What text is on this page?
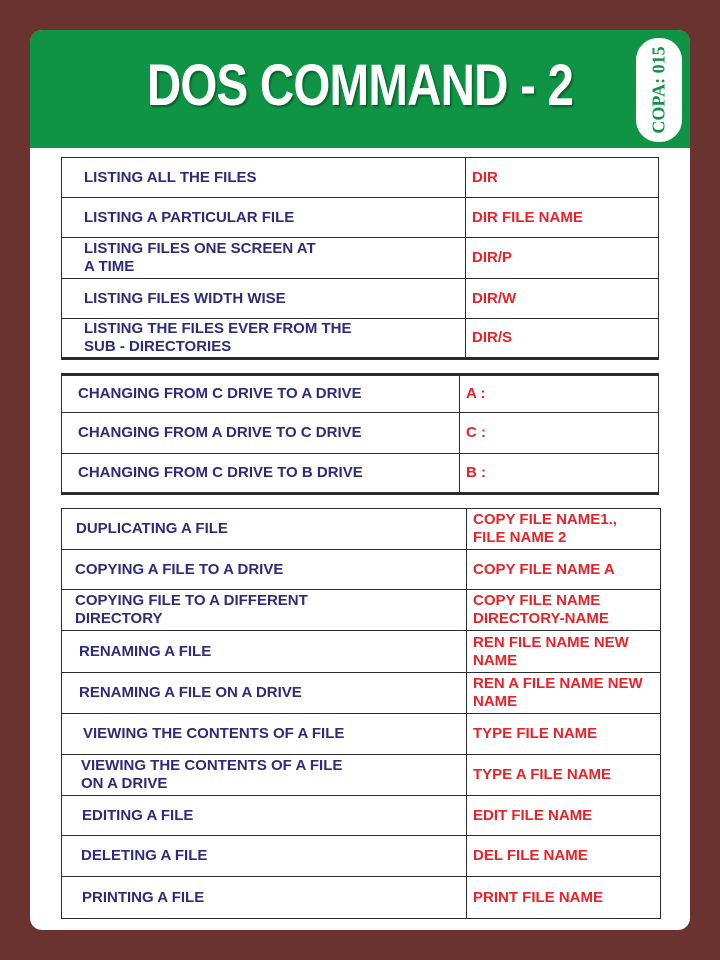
DOS COMMAND - 2	COPA: 015
LISTING ALL THE FILES	DIR
LISTING A PARTICULAR FILE	DIR FILE NAME
LISTING FILES ONE SCREEN AT
A TIME	DIR/P
LISTING FILES WIDTH WISE	DIR/W
LISTING THE FILES EVER FROM THE
SUB - DIRECTORIES	DIR/S
CHANGING FROM C DRIVE TO A DRIVE	A :
CHANGING FROM A DRIVE TO C DRIVE	C :
CHANGING FROM C DRIVE TO B DRIVE	B :
DUPLICATING A FILE	COPY FILE NAME1.,
FILE NAME 2
COPYING A FILE TO A DRIVE	COPY FILE NAME A
COPYING FILE TO A DIFFERENT
DIRECTORY	COPY FILE NAME
DIRECTORY-NAME
RENAMING A FILE	REN FILE NAME NEW
NAME
RENAMING A FILE ON A DRIVE	REN A FILE NAME NEW
NAME
VIEWING THE CONTENTS OF A FILE	TYPE FILE NAME
VIEWING THE CONTENTS OF A FILE
ON A DRIVE	TYPE A FILE NAME
EDITING A FILE	EDIT FILE NAME
DELETING A FILE	DEL FILE NAME
PRINTING A FILE	PRINT FILE NAME
